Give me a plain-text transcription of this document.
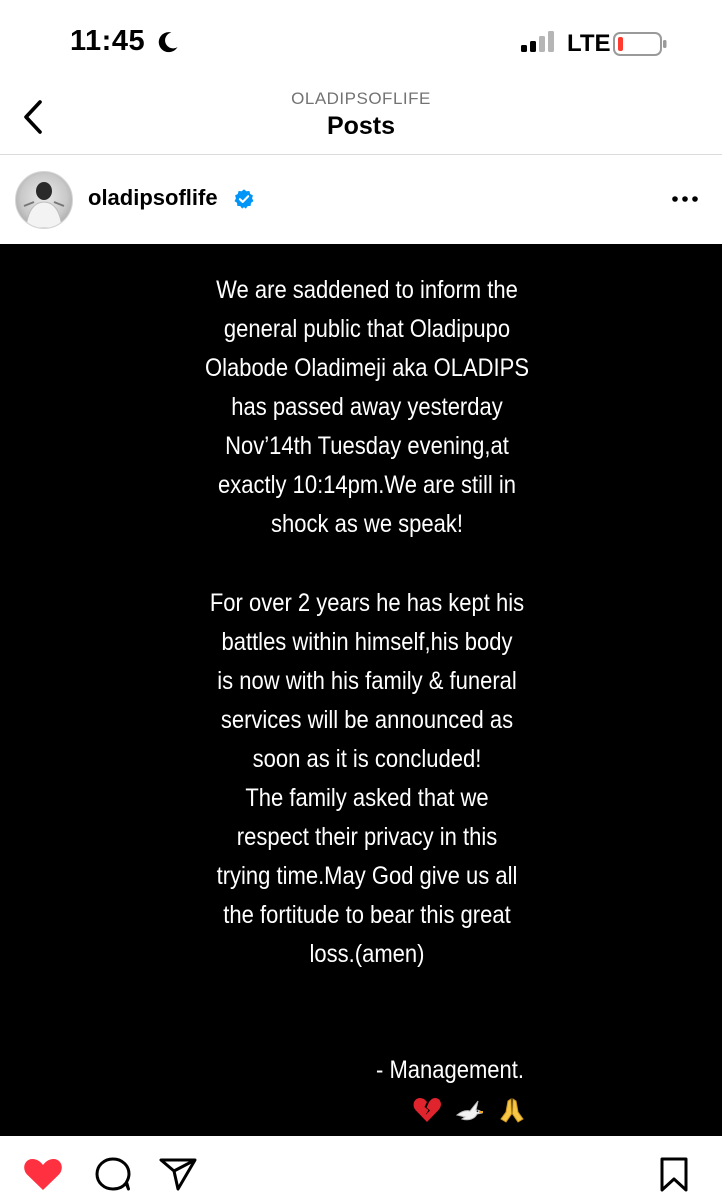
11:45	LTE
OLADIPSOFLIFE
Posts
oladipsoflife
We are saddened to inform the
general public that Oladipupo
Olabode Oladimeji aka OLADIPS
has passed away yesterday
Nov’14th Tuesday evening,at
exactly 10:14pm.We are still in
shock as we speak!
For over 2 years he has kept his
battles within himself,his body
is now with his family & funeral
services will be announced as
soon as it is concluded!
The family asked that we
respect their privacy in this
trying time.May God give us all
the fortitude to bear this great
loss.(amen)
- Management.
